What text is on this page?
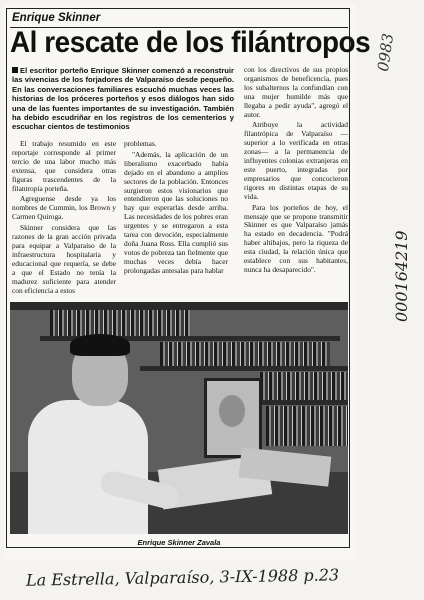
Enrique Skinner
Al rescate de los filántropos
El escritor porteño Enrique Skinner comenzó a reconstruir las vivencias de los forjadores de Valparaíso desde pequeño. En las conversaciones familiares escuchó muchas veces las historias de los próceres porteños y esos diálogos han sido una de las fuentes importantes de su investigación. También ha debido escudriñar en los registros de los cementerios y escuchar cientos de testimonios

El trabajo resumido en este reportaje corresponde al primer tercio de una labor mucho más extensa, que considera otras figuras trascendentes de la filantropía porteña.

Agreguense desde ya los nombres de Cummin, los Brown y Carmen Quiroga.

Skinner considera que las razones de la gran acción privada para equipar a Valparaíso de la infraestructura hospitalaria y educacional que requería, se debe a que el Estado no tenía la madurez suficiente para atender con eficiencia a estos

problemas.

"Además, la aplicación de un liberalismo exacerbado había dejado en el abandono a amplios sectores de la población. Entonces surgieron estos visionarios que entendieron que las soluciones no hay que esperarlas desde arriba. Las necesidades de los pobres eran urgentes y se entregaron a esta tarea con devoción, especialmente doña Juana Ross. Ella cumplió sus votos de pobreza tan fielmente que muchas veces debía hacer prolongadas antesalas para hablar

con los directivos de sus propios organismos de beneficencia, pues los subalternos la confundían con una mujer humilde más que llegaba a pedir ayuda", agregó el autor.

Atribuye la actividad filantrópica de Valparaíso —superior a lo verificada en otras zonas— a la permanencia de influyentes colonias extranjeras en este puerto, integradas por empresarios que concocieron rigores en distintas etapas de su vida.

Para los porteños de hoy, el mensaje que se propone transmitir Skinner es que Valparaíso jamás ha estado en decadencia. "Podrá haber altibajos, pero la riqueza de esta ciudad, la relación única que establece con sus habitantes, nunca ha desaparecido".

Enrique Skinner Zavala
La Estrella, Valparaíso, 3-IX-1988 p.23
0983
000164219
